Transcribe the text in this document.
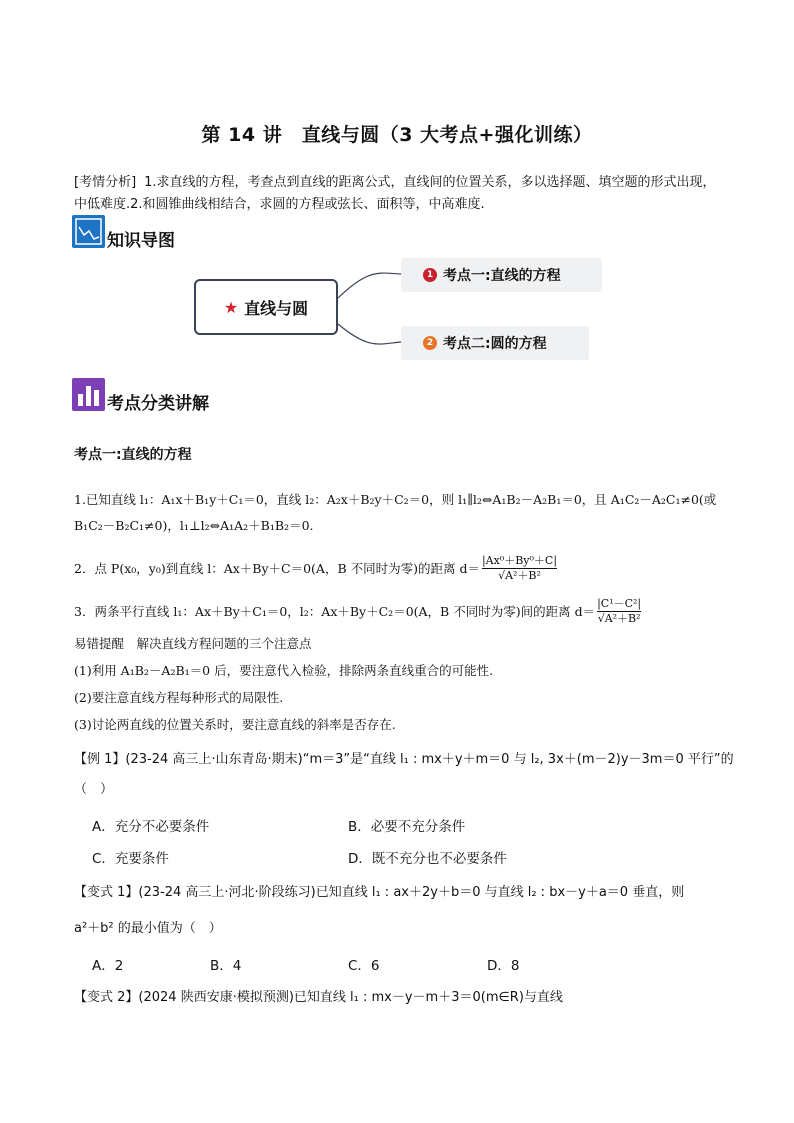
第 14 讲　直线与圆（3 大考点+强化训练）
[考情分析] 1.求直线的方程，考查点到直线的距离公式，直线间的位置关系，多以选择题、填空题的形式出现，中低难度.2.和圆锥曲线相结合，求圆的方程或弦长、面积等，中高难度.
知识导图
★ 直线与圆
1 考点一:直线的方程
2 考点二:圆的方程
考点分类讲解
考点一:直线的方程
1.已知直线 l₁：A₁x＋B₁y＋C₁＝0，直线 l₂：A₂x＋B₂y＋C₂＝0，则 l₁∥l₂⇔A₁B₂－A₂B₁＝0，且 A₁C₂－A₂C₁≠0(或
B₁C₂－B₂C₁≠0)，l₁⊥l₂⇔A₁A₂＋B₁B₂＝0.
2．点 P(x₀，y₀)到直线 l：Ax＋By＋C＝0(A，B 不同时为零)的距离 $d= \frac{\text{|Ax⁰＋By⁰＋C|}}{\text{√A²＋B²}}$
3．两条平行直线 l₁：Ax＋By＋C₁＝0，l₂：Ax＋By＋C₂＝0(A，B 不同时为零)间的距离 $d= \frac{\text{|C¹－C²|}}{\text{√A²＋B²}}$
易错提醒　解决直线方程问题的三个注意点
(1)利用 A₁B₂－A₂B₁＝0 后，要注意代入检验，排除两条直线重合的可能性.
(2)要注意直线方程每种形式的局限性.
(3)讨论两直线的位置关系时，要注意直线的斜率是否存在.
【例 1】(23-24 高三上·山东青岛·期末)“m＝3”是“直线 l₁ : mx＋y＋m＝0 与 l₂, 3x＋(m－2)y－3m＝0 平行”的
（　）
A．充分不必要条件	B．必要不充分条件
C．充要条件	D．既不充分也不必要条件
【变式 1】(23-24 高三上·河北·阶段练习)已知直线 l₁ : ax＋2y＋b＝0 与直线 l₂ : bx－y＋a＝0 垂直，则
a²＋b² 的最小值为（　）
A．2	B．4	C．6	D．8
【变式 2】(2024 陕西安康·模拟预测)已知直线 l₁ : mx－y－m＋3＝0(m∈R)与直线
